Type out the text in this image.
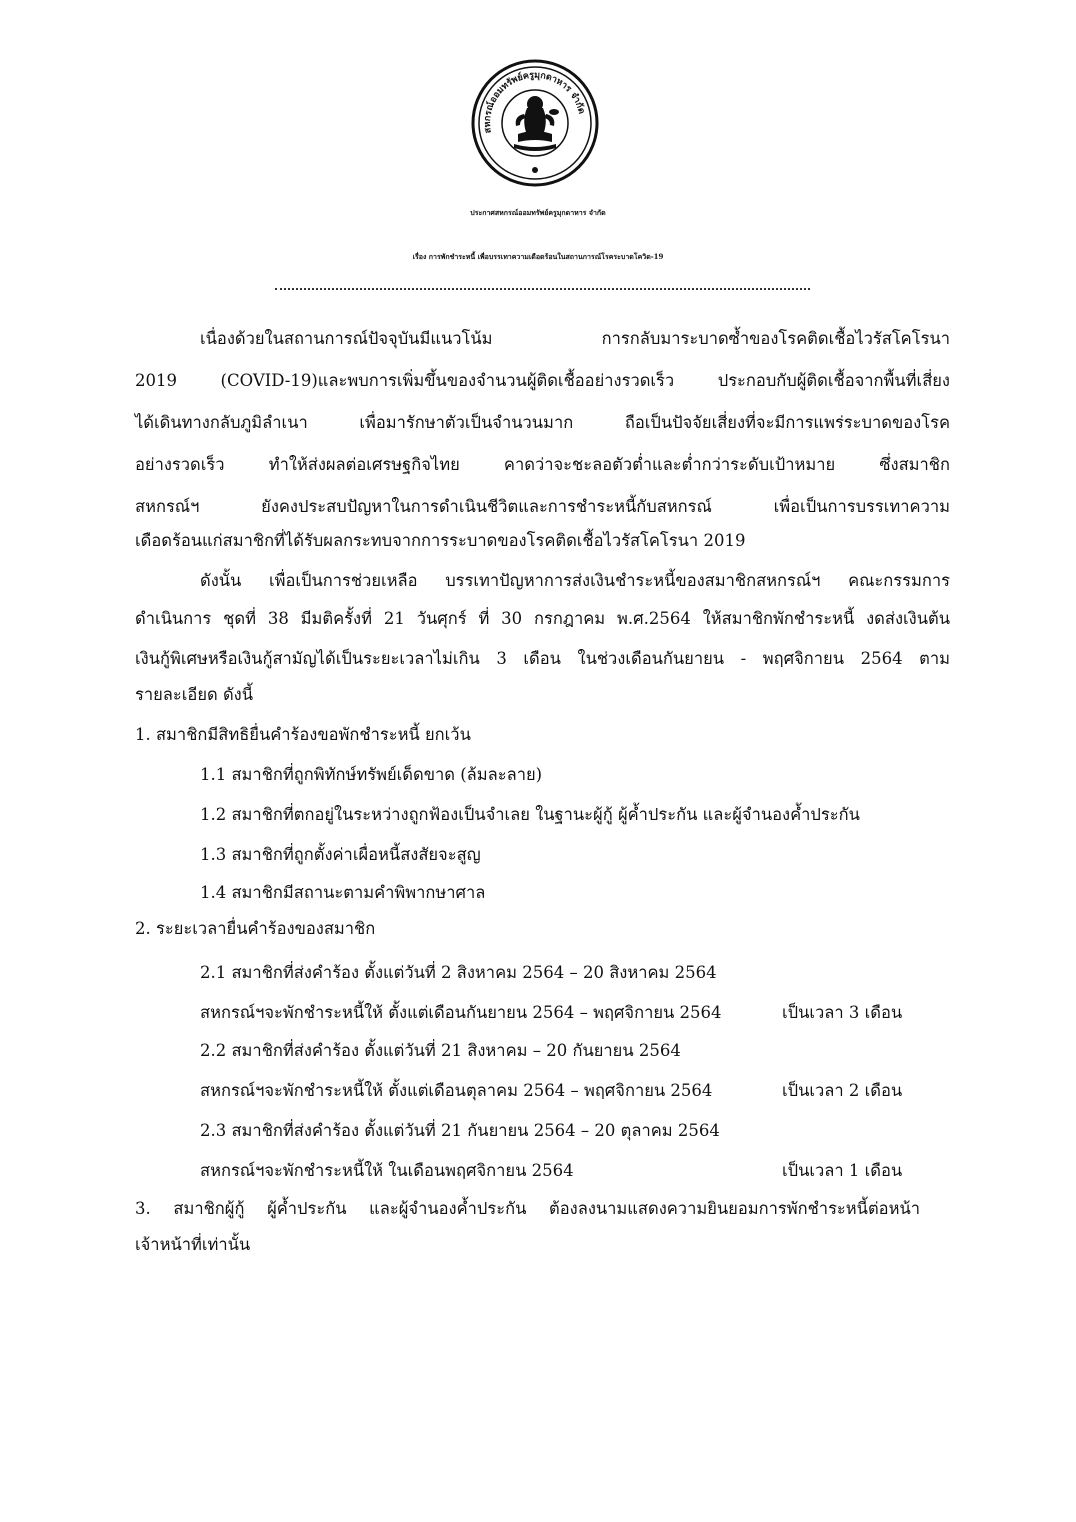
สหกรณ์ออมทรัพย์ครูมุกดาหาร จำกัด
ประกาศสหกรณ์ออมทรัพย์ครูมุกดาหาร จำกัด
เรื่อง การพักชำระหนี้ เพื่อบรรเทาความเดือดร้อนในสถานการณ์โรคระบาดโควิด-19
เนื่องด้วยในสถานการณ์ปัจจุบันมีแนวโน้ม การกลับมาระบาดซ้ำของโรคติดเชื้อไวรัสโคโรนา
2019 (COVID-19)และพบการเพิ่มขึ้นของจำนวนผู้ติดเชื้ออย่างรวดเร็ว ประกอบกับผู้ติดเชื้อจากพื้นที่เสี่ยง
ได้เดินทางกลับภูมิลำเนา เพื่อมารักษาตัวเป็นจำนวนมาก ถือเป็นปัจจัยเสี่ยงที่จะมีการแพร่ระบาดของโรค
อย่างรวดเร็ว ทำให้ส่งผลต่อเศรษฐกิจไทย คาดว่าจะชะลอตัวต่ำและต่ำกว่าระดับเป้าหมาย ซึ่งสมาชิก
สหกรณ์ฯ ยังคงประสบปัญหาในการดำเนินชีวิตและการชำระหนี้กับสหกรณ์ เพื่อเป็นการบรรเทาความ
เดือดร้อนแก่สมาชิกที่ได้รับผลกระทบจากการระบาดของโรคติดเชื้อไวรัสโคโรนา 2019
ดังนั้น เพื่อเป็นการช่วยเหลือ บรรเทาปัญหาการส่งเงินชำระหนี้ของสมาชิกสหกรณ์ฯ คณะกรรมการ
ดำเนินการ ชุดที่ 38 มีมติครั้งที่ 21 วันศุกร์ ที่ 30 กรกฎาคม พ.ศ.2564 ให้สมาชิกพักชำระหนี้ งดส่งเงินต้น
เงินกู้พิเศษหรือเงินกู้สามัญได้เป็นระยะเวลาไม่เกิน 3 เดือน ในช่วงเดือนกันยายน - พฤศจิกายน 2564 ตาม
รายละเอียด ดังนี้
1. สมาชิกมีสิทธิยื่นคำร้องขอพักชำระหนี้ ยกเว้น
1.1 สมาชิกที่ถูกพิทักษ์ทรัพย์เด็ดขาด (ล้มละลาย)
1.2 สมาชิกที่ตกอยู่ในระหว่างถูกฟ้องเป็นจำเลย ในฐานะผู้กู้ ผู้ค้ำประกัน และผู้จำนองค้ำประกัน
1.3 สมาชิกที่ถูกตั้งค่าเผื่อหนี้สงสัยจะสูญ
1.4 สมาชิกมีสถานะตามคำพิพากษาศาล
2. ระยะเวลายื่นคำร้องของสมาชิก
2.1 สมาชิกที่ส่งคำร้อง ตั้งแต่วันที่ 2 สิงหาคม 2564 – 20 สิงหาคม 2564
สหกรณ์ฯจะพักชำระหนี้ให้ ตั้งแต่เดือนกันยายน 2564 – พฤศจิกายน 2564	เป็นเวลา 3 เดือน
2.2 สมาชิกที่ส่งคำร้อง ตั้งแต่วันที่ 21 สิงหาคม – 20 กันยายน 2564
สหกรณ์ฯจะพักชำระหนี้ให้ ตั้งแต่เดือนตุลาคม 2564 – พฤศจิกายน 2564	เป็นเวลา 2 เดือน
2.3 สมาชิกที่ส่งคำร้อง ตั้งแต่วันที่ 21 กันยายน 2564 – 20 ตุลาคม 2564
สหกรณ์ฯจะพักชำระหนี้ให้ ในเดือนพฤศจิกายน 2564	เป็นเวลา 1 เดือน
3. สมาชิกผู้กู้ ผู้ค้ำประกัน และผู้จำนองค้ำประกัน ต้องลงนามแสดงความยินยอมการพักชำระหนี้ต่อหน้า
เจ้าหน้าที่เท่านั้น
